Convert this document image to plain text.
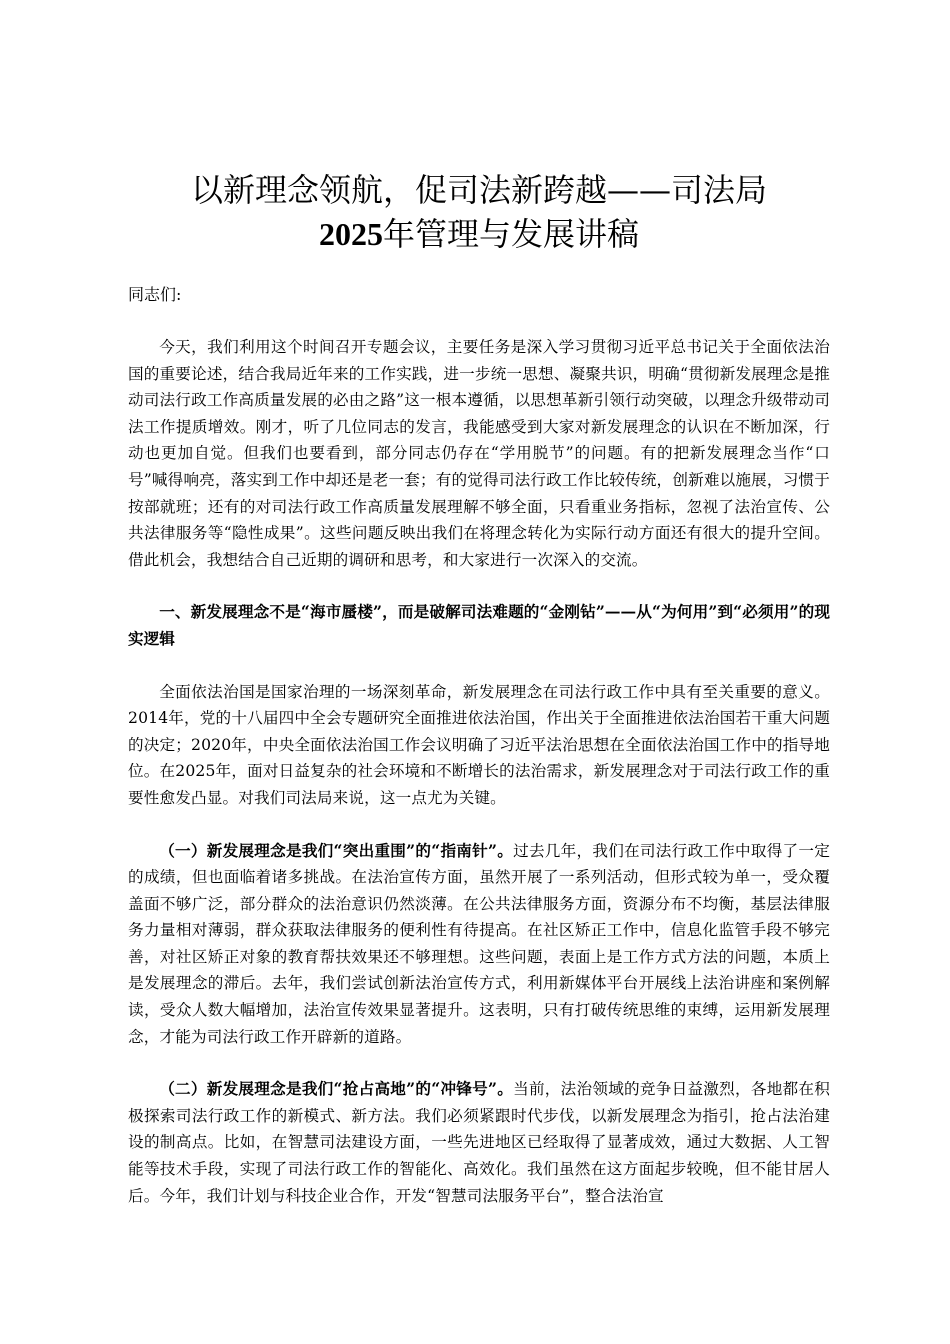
以新理念领航，促司法新跨越——司法局
2025年管理与发展讲稿
同志们:

今天，我们利用这个时间召开专题会议，主要任务是深入学习贯彻习近平总书记关于全面依法治国的重要论述，结合我局近年来的工作实践，进一步统一思想、凝聚共识，明确“贯彻新发展理念是推动司法行政工作高质量发展的必由之路”这一根本遵循，以思想革新引领行动突破，以理念升级带动司法工作提质增效。刚才，听了几位同志的发言，我能感受到大家对新发展理念的认识在不断加深，行动也更加自觉。但我们也要看到，部分同志仍存在“学用脱节”的问题。有的把新发展理念当作“口号”喊得响亮，落实到工作中却还是老一套；有的觉得司法行政工作比较传统，创新难以施展，习惯于按部就班；还有的对司法行政工作高质量发展理解不够全面，只看重业务指标，忽视了法治宣传、公共法律服务等“隐性成果”。这些问题反映出我们在将理念转化为实际行动方面还有很大的提升空间。借此机会，我想结合自己近期的调研和思考，和大家进行一次深入的交流。

一、新发展理念不是“海市蜃楼”，而是破解司法难题的“金刚钻”——从“为何用”到“必须用”的现实逻辑

全面依法治国是国家治理的一场深刻革命，新发展理念在司法行政工作中具有至关重要的意义。2014年，党的十八届四中全会专题研究全面推进依法治国，作出关于全面推进依法治国若干重大问题的决定；2020年，中央全面依法治国工作会议明确了习近平法治思想在全面依法治国工作中的指导地位。在2025年，面对日益复杂的社会环境和不断增长的法治需求，新发展理念对于司法行政工作的重要性愈发凸显。对我们司法局来说，这一点尤为关键。

（一）新发展理念是我们“突出重围”的“指南针”。过去几年，我们在司法行政工作中取得了一定的成绩，但也面临着诸多挑战。在法治宣传方面，虽然开展了一系列活动，但形式较为单一，受众覆盖面不够广泛，部分群众的法治意识仍然淡薄。在公共法律服务方面，资源分布不均衡，基层法律服务力量相对薄弱，群众获取法律服务的便利性有待提高。在社区矫正工作中，信息化监管手段不够完善，对社区矫正对象的教育帮扶效果还不够理想。这些问题，表面上是工作方式方法的问题，本质上是发展理念的滞后。去年，我们尝试创新法治宣传方式，利用新媒体平台开展线上法治讲座和案例解读，受众人数大幅增加，法治宣传效果显著提升。这表明，只有打破传统思维的束缚，运用新发展理念，才能为司法行政工作开辟新的道路。

（二）新发展理念是我们“抢占高地”的“冲锋号”。当前，法治领域的竞争日益激烈，各地都在积极探索司法行政工作的新模式、新方法。我们必须紧跟时代步伐，以新发展理念为指引，抢占法治建设的制高点。比如，在智慧司法建设方面，一些先进地区已经取得了显著成效，通过大数据、人工智能等技术手段，实现了司法行政工作的智能化、高效化。我们虽然在这方面起步较晚，但不能甘居人后。今年，我们计划与科技企业合作，开发“智慧司法服务平台”，整合法治宣
